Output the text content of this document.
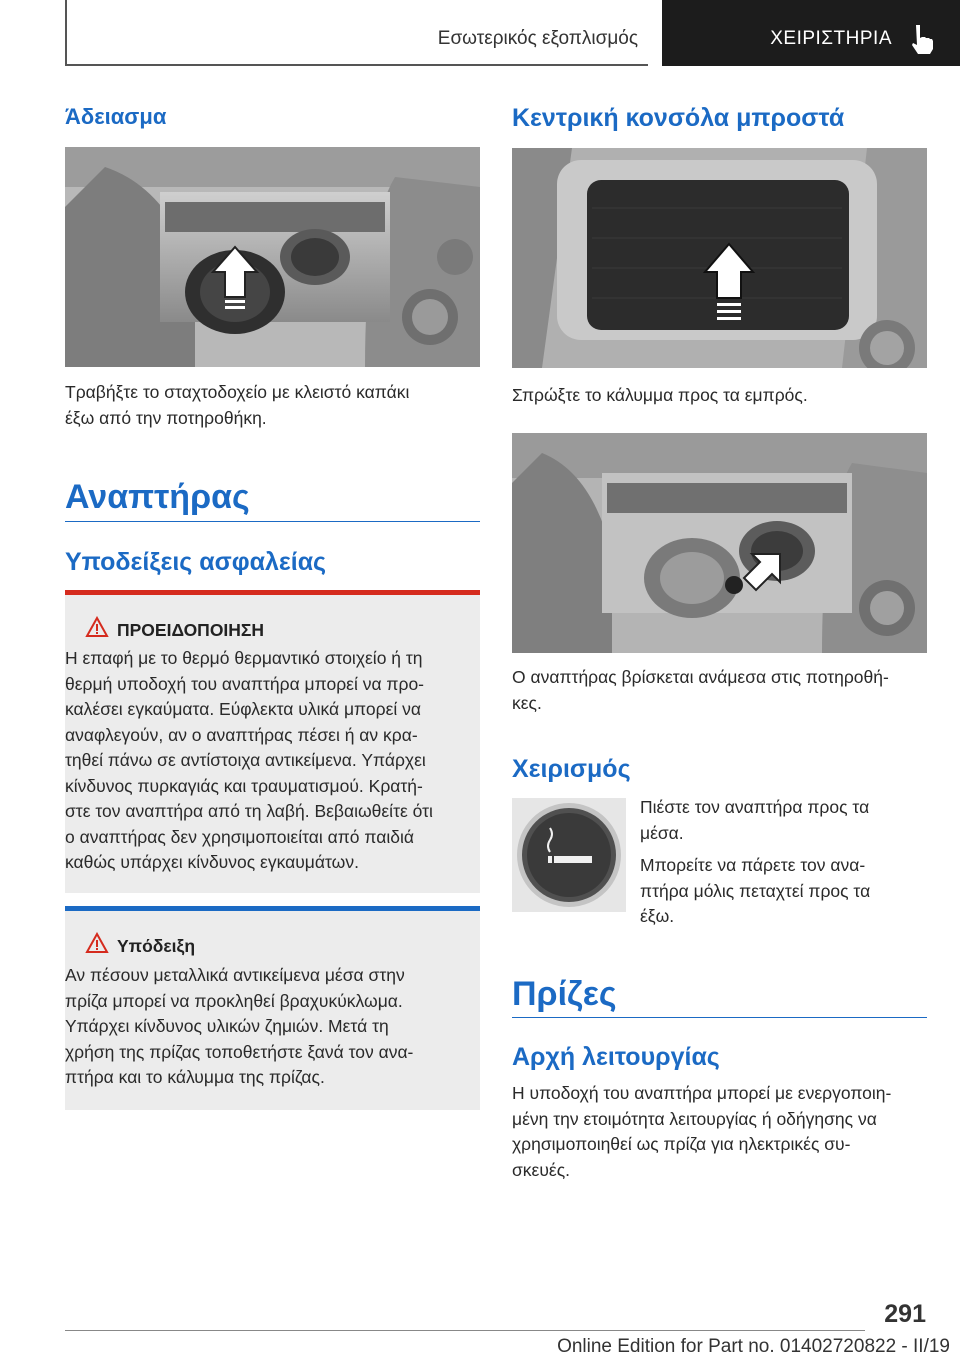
Εσωτερικός εξοπλισμός	ΧΕΙΡΙΣΤΗΡΙΑ
Άδειασμα
Τραβήξτε το σταχτοδοχείο με κλειστό καπάκι
έξω από την ποτηροθήκη.
Αναπτήρας
Υποδείξεις ασφαλείας
ΠΡΟΕΙΔΟΠΟΙΗΣΗ
Η επαφή με το θερμό θερμαντικό στοιχείο ή τη
θερμή υποδοχή του αναπτήρα μπορεί να προ-
καλέσει εγκαύματα. Εύφλεκτα υλικά μπορεί να
αναφλεγούν, αν ο αναπτήρας πέσει ή αν κρα-
τηθεί πάνω σε αντίστοιχα αντικείμενα. Υπάρχει
κίνδυνος πυρκαγιάς και τραυματισμού. Κρατή-
στε τον αναπτήρα από τη λαβή. Βεβαιωθείτε ότι
ο αναπτήρας δεν χρησιμοποιείται από παιδιά
καθώς υπάρχει κίνδυνος εγκαυμάτων.
Υπόδειξη
Αν πέσουν μεταλλικά αντικείμενα μέσα στην
πρίζα μπορεί να προκληθεί βραχυκύκλωμα.
Υπάρχει κίνδυνος υλικών ζημιών. Μετά τη
χρήση της πρίζας τοποθετήστε ξανά τον ανα-
πτήρα και το κάλυμμα της πρίζας.
Κεντρική κονσόλα μπροστά
Σπρώξτε το κάλυμμα προς τα εμπρός.
Ο αναπτήρας βρίσκεται ανάμεσα στις ποτηροθή-
κες.
Χειρισμός
Πιέστε τον αναπτήρα προς τα
μέσα.
Μπορείτε να πάρετε τον ανα-
πτήρα μόλις πεταχτεί προς τα
έξω.
Πρίζες
Αρχή λειτουργίας
Η υποδοχή του αναπτήρα μπορεί με ενεργοποιη-
μένη την ετοιμότητα λειτουργίας ή οδήγησης να
χρησιμοποιηθεί ως πρίζα για ηλεκτρικές συ-
σκευές.
291
Online Edition for Part no. 01402720822 - II/19
